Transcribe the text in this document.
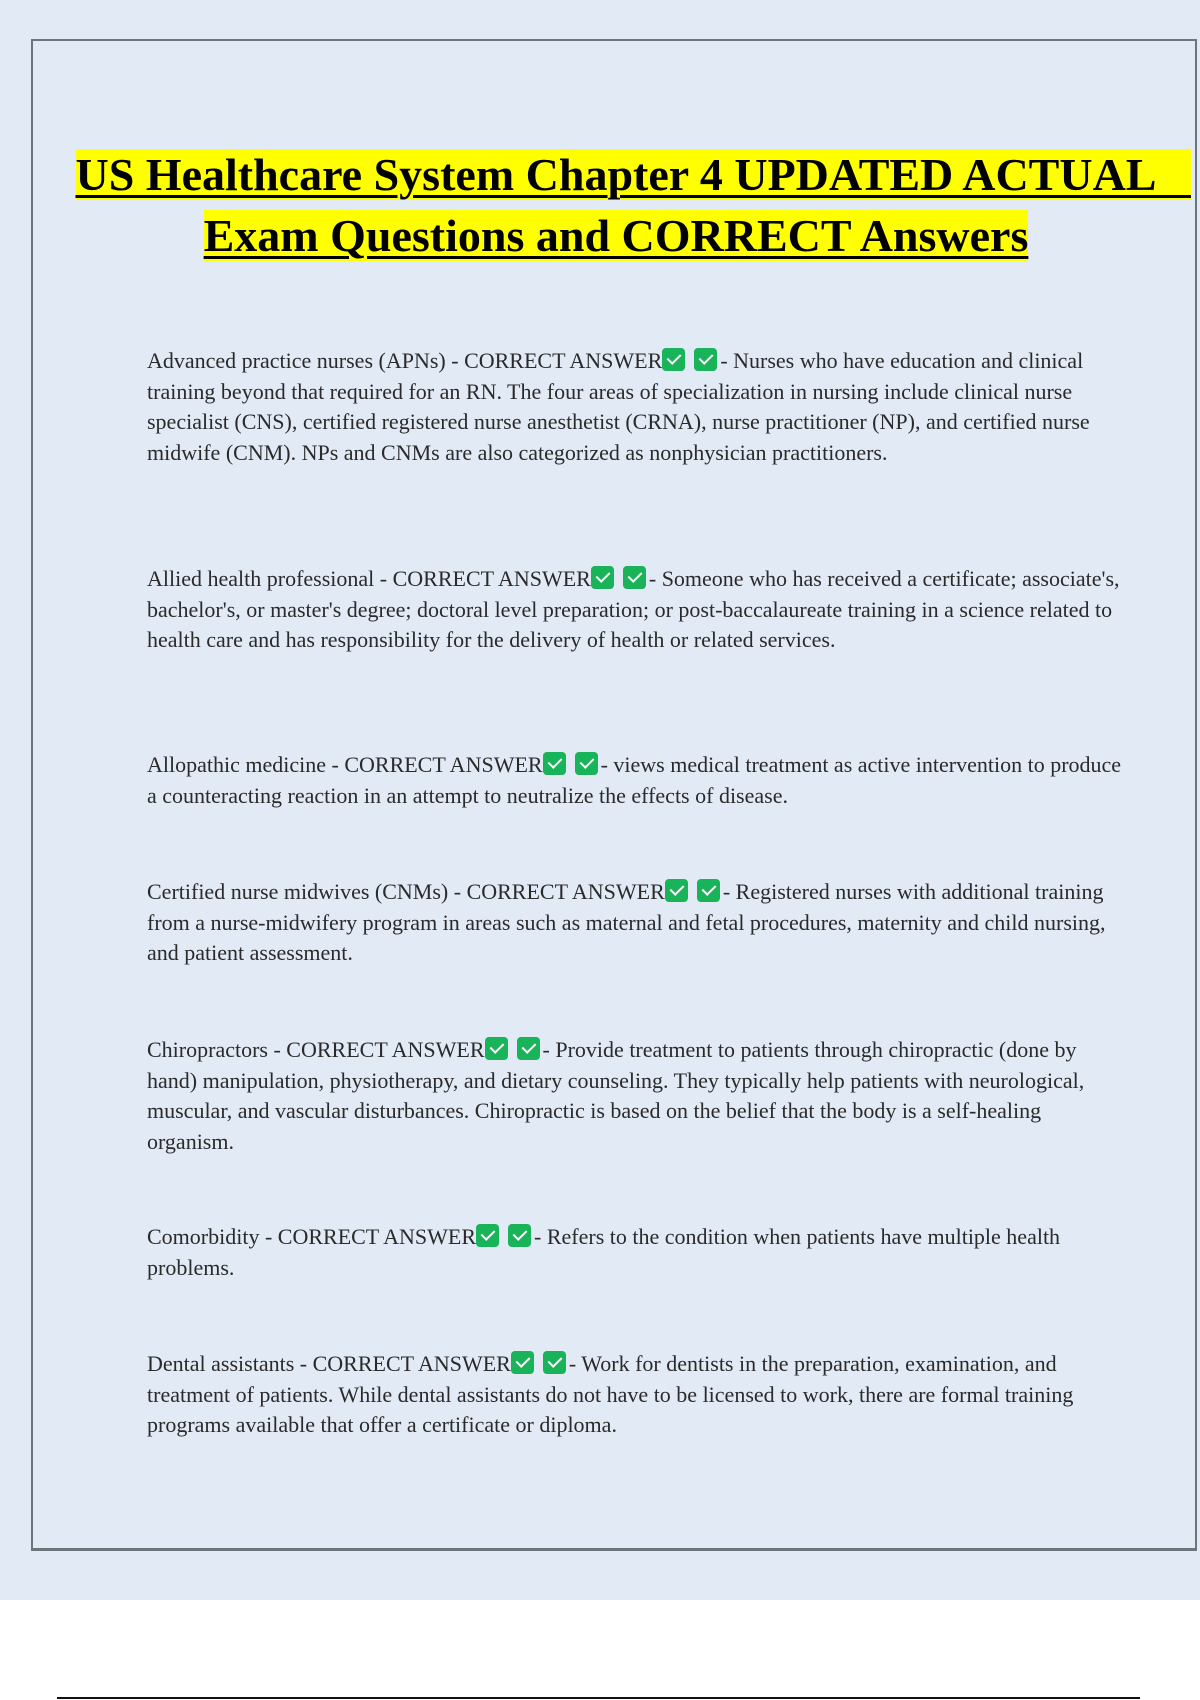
US Healthcare System Chapter 4 UPDATED ACTUAL   Exam Questions and CORRECT Answers

Advanced practice nurses (APNs) - CORRECT ANSWER	- Nurses who have education and clinical training beyond that required for an RN. The four areas of specialization in nursing include clinical nurse specialist (CNS), certified registered nurse anesthetist (CRNA), nurse practitioner (NP), and certified nurse midwife (CNM). NPs and CNMs are also categorized as nonphysician practitioners.

Allied health professional - CORRECT ANSWER	- Someone who has received a certificate; associate's, bachelor's, or master's degree; doctoral level preparation; or post-baccalaureate training in a science related to health care and has responsibility for the delivery of health or related services.

Allopathic medicine - CORRECT ANSWER	- views medical treatment as active intervention to produce a counteracting reaction in an attempt to neutralize the effects of disease.

Certified nurse midwives (CNMs) - CORRECT ANSWER	- Registered nurses with additional training from a nurse-midwifery program in areas such as maternal and fetal procedures, maternity and child nursing, and patient assessment.

Chiropractors - CORRECT ANSWER	- Provide treatment to patients through chiropractic (done by hand) manipulation, physiotherapy, and dietary counseling. They typically help patients with neurological, muscular, and vascular disturbances. Chiropractic is based on the belief that the body is a self-healing organism.

Comorbidity - CORRECT ANSWER	- Refers to the condition when patients have multiple health problems.

Dental assistants - CORRECT ANSWER	- Work for dentists in the preparation, examination, and treatment of patients. While dental assistants do not have to be licensed to work, there are formal training programs available that offer a certificate or diploma.
